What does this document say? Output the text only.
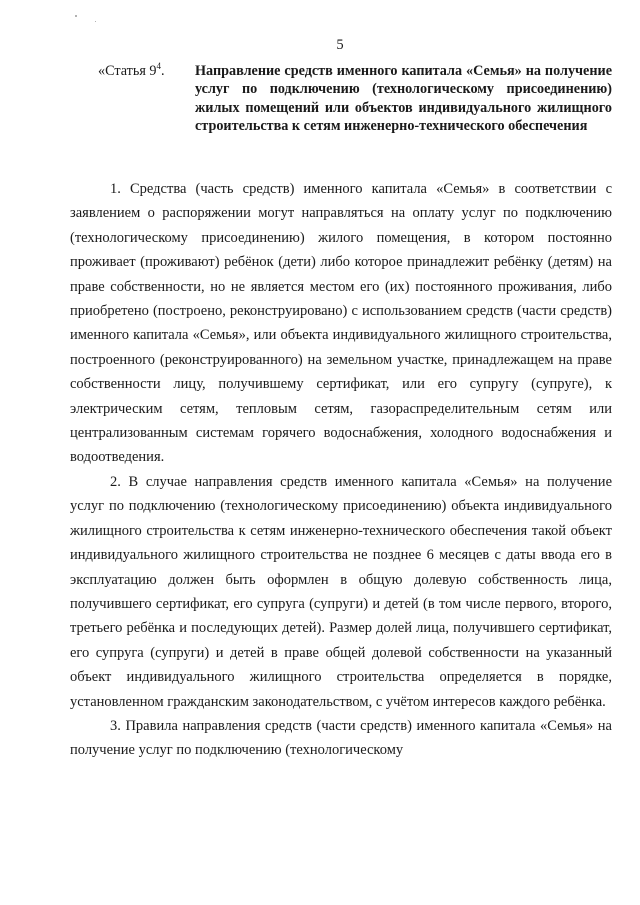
5
«Статья $9^4$. Направление средств именного капитала «Семья» на получение услуг по подключению (технологическому присоединению) жилых помещений или объектов индивидуального жилищного строительства к сетям инженерно-технического обеспечения

1. Средства (часть средств) именного капитала «Семья» в соответствии с заявлением о распоряжении могут направляться на оплату услуг по подключению (технологическому присоединению) жилого помещения, в котором постоянно проживает (проживают) ребёнок (дети) либо которое принадлежит ребёнку (детям) на праве собственности, но не является местом его (их) постоянного проживания, либо приобретено (построено, реконструировано) с использованием средств (части средств) именного капитала «Семья», или объекта индивидуального жилищного строительства, построенного (реконструированного) на земельном участке, принадлежащем на праве собственности лицу, получившему сертификат, или его супругу (супруге), к электрическим сетям, тепловым сетям, газораспределительным сетям или централизованным системам горячего водоснабжения, холодного водоснабжения и водоотведения.

2. В случае направления средств именного капитала «Семья» на получение услуг по подключению (технологическому присоединению) объекта индивидуального жилищного строительства к сетям инженерно-технического обеспечения такой объект индивидуального жилищного строительства не позднее 6 месяцев с даты ввода его в эксплуатацию должен быть оформлен в общую долевую собственность лица, получившего сертификат, его супруга (супруги) и детей (в том числе первого, второго, третьего ребёнка и последующих детей). Размер долей лица, получившего сертификат, его супруга (супруги) и детей в праве общей долевой собственности на указанный объект индивидуального жилищного строительства определяется в порядке, установленном гражданским законодательством, с учётом интересов каждого ребёнка.

3. Правила направления средств (части средств) именного капитала «Семья» на получение услуг по подключению (технологическому
